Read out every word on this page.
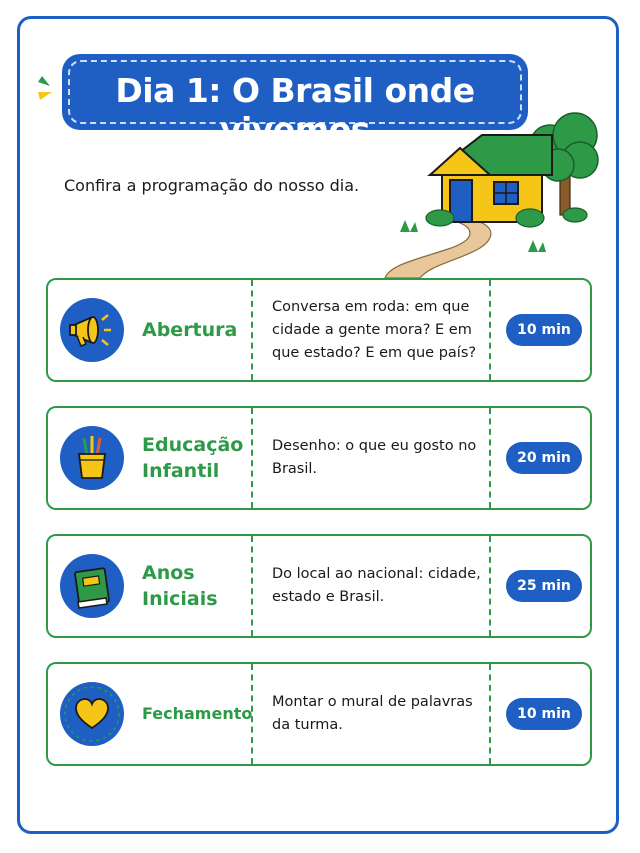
Dia 1: O Brasil onde vivemos
Confira a programação do nosso dia.
Abertura
Conversa em roda: em que cidade a gente mora? E em que estado? E em que país?
10 min
Educação Infantil
Desenho: o que eu gosto no Brasil.
20 min
Anos Iniciais
Do local ao nacional: cidade, estado e Brasil.
25 min
Fechamento
Montar o mural de palavras da turma.
10 min
